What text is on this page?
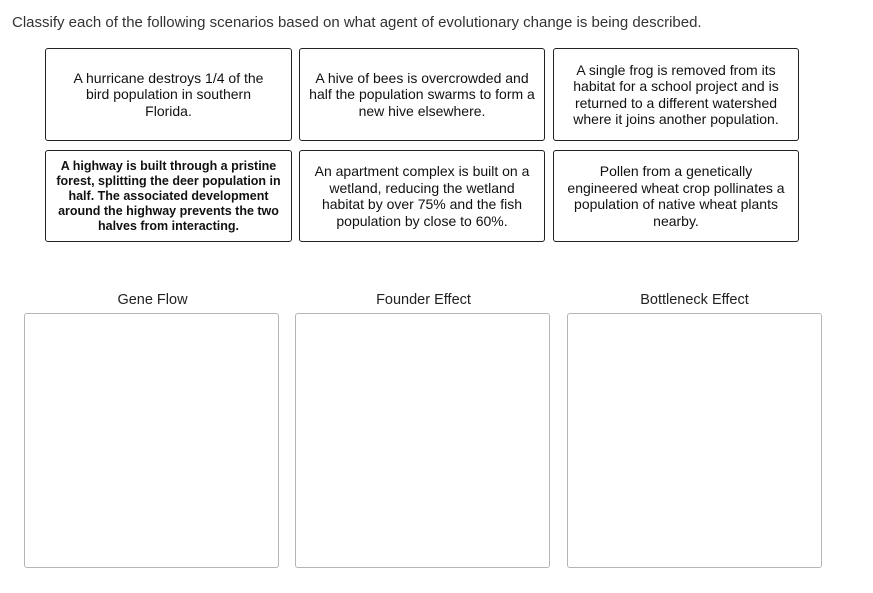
Classify each of the following scenarios based on what agent of evolutionary change is being described.
A hurricane destroys 1/4 of the bird population in southern Florida.
A hive of bees is overcrowded and half the population swarms to form a new hive elsewhere.
A single frog is removed from its habitat for a school project and is returned to a different watershed where it joins another population.
A highway is built through a pristine forest, splitting the deer population in half. The associated development around the highway prevents the two halves from interacting.
An apartment complex is built on a wetland, reducing the wetland habitat by over 75% and the fish population by close to 60%.
Pollen from a genetically engineered wheat crop pollinates a population of native wheat plants nearby.
Gene Flow	Founder Effect	Bottleneck Effect
